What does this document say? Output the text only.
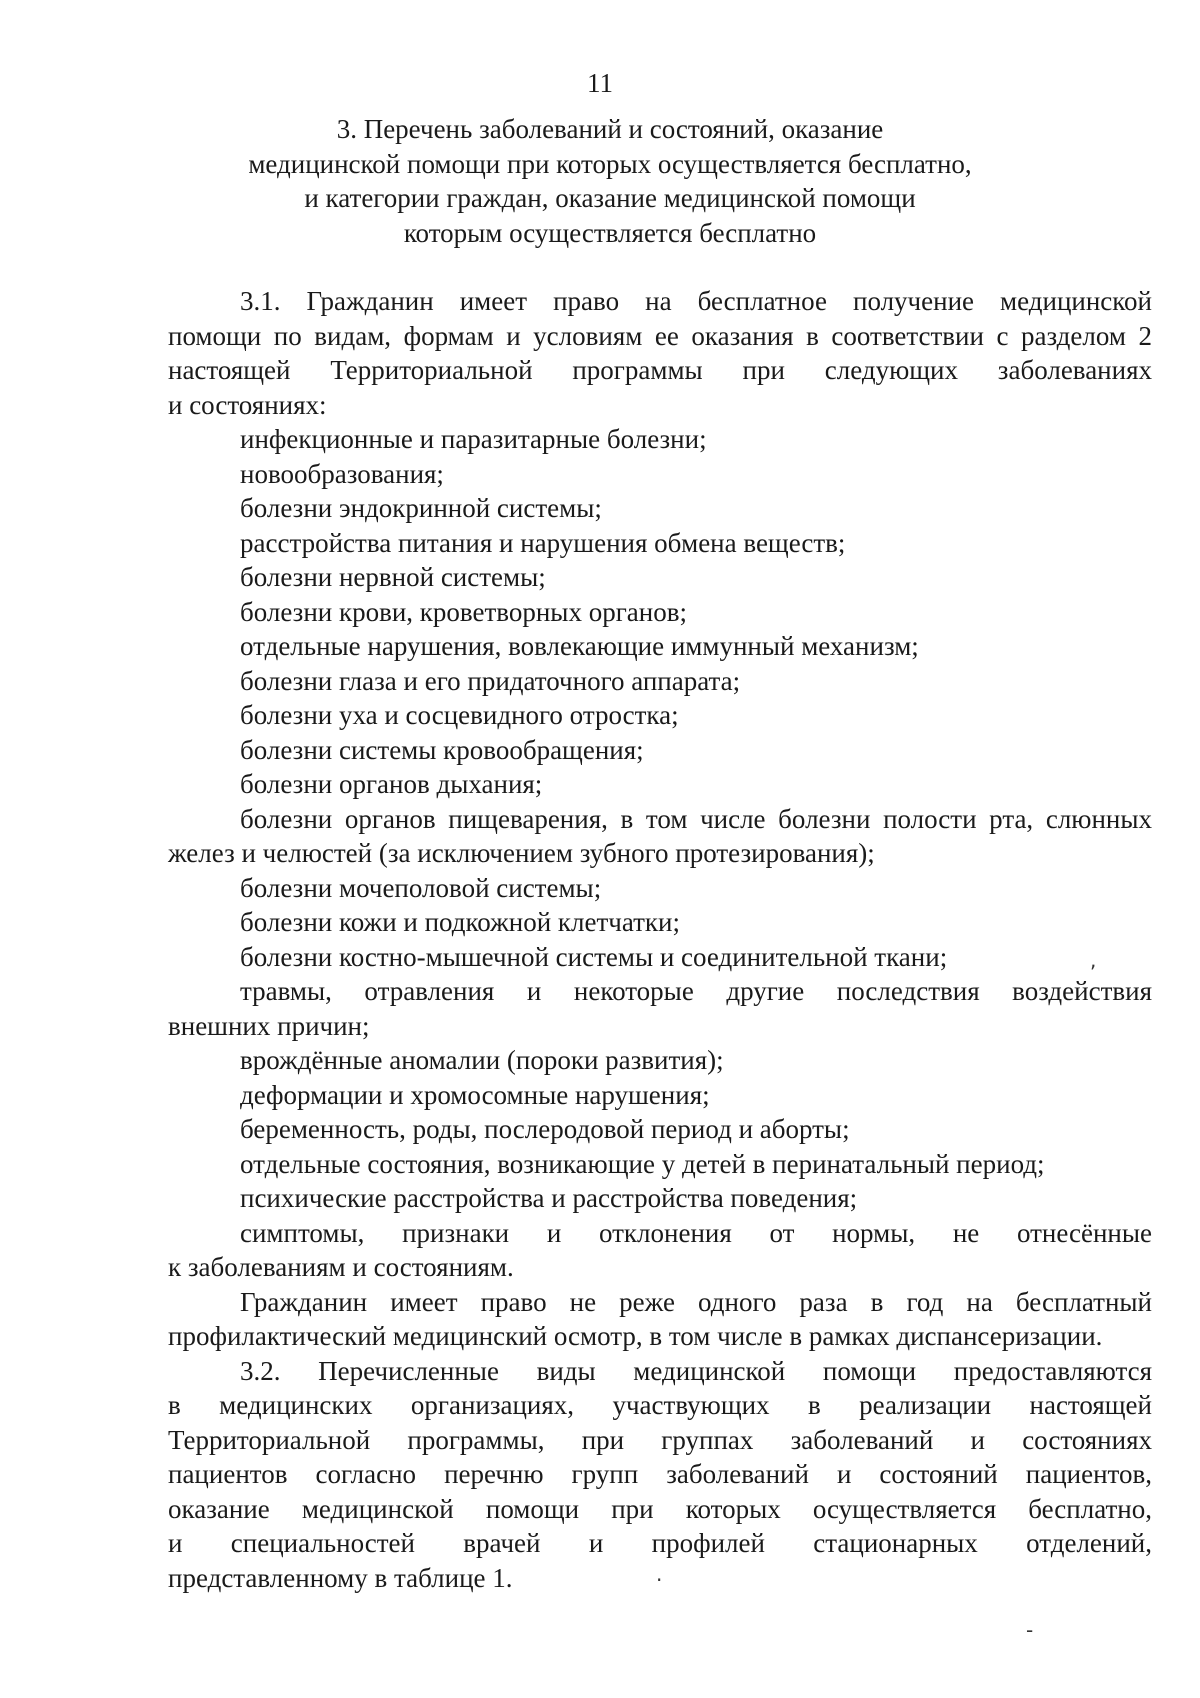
11
3. Перечень заболеваний и состояний, оказание
медицинской помощи при которых осуществляется бесплатно,
и категории граждан, оказание медицинской помощи
которым осуществляется бесплатно
3.1. Гражданин имеет право на бесплатное получение медицинской
помощи по видам, формам и условиям ее оказания в соответствии с разделом 2
настоящей Территориальной программы при следующих заболеваниях
и состояниях:
инфекционные и паразитарные болезни;
новообразования;
болезни эндокринной системы;
расстройства питания и нарушения обмена веществ;
болезни нервной системы;
болезни крови, кроветворных органов;
отдельные нарушения, вовлекающие иммунный механизм;
болезни глаза и его придаточного аппарата;
болезни уха и сосцевидного отростка;
болезни системы кровообращения;
болезни органов дыхания;
болезни органов пищеварения, в том числе болезни полости рта, слюнных
желез и челюстей (за исключением зубного протезирования);
болезни мочеполовой системы;
болезни кожи и подкожной клетчатки;
болезни костно-мышечной системы и соединительной ткани;
травмы, отравления и некоторые другие последствия воздействия
внешних причин;
врождённые аномалии (пороки развития);
деформации и хромосомные нарушения;
беременность, роды, послеродовой период и аборты;
отдельные состояния, возникающие у детей в перинатальный период;
психические расстройства и расстройства поведения;
симптомы, признаки и отклонения от нормы, не отнесённые
к заболеваниям и состояниям.
Гражданин имеет право не реже одного раза в год на бесплатный
профилактический медицинский осмотр, в том числе в рамках диспансеризации.
3.2. Перечисленные виды медицинской помощи предоставляются
в медицинских организациях, участвующих в реализации настоящей
Территориальной программы, при группах заболеваний и состояниях
пациентов согласно перечню групп заболеваний и состояний пациентов,
оказание медицинской помощи при которых осуществляется бесплатно,
и специальностей врачей и профилей стационарных отделений,
представленному в таблице 1.
,
·
-
